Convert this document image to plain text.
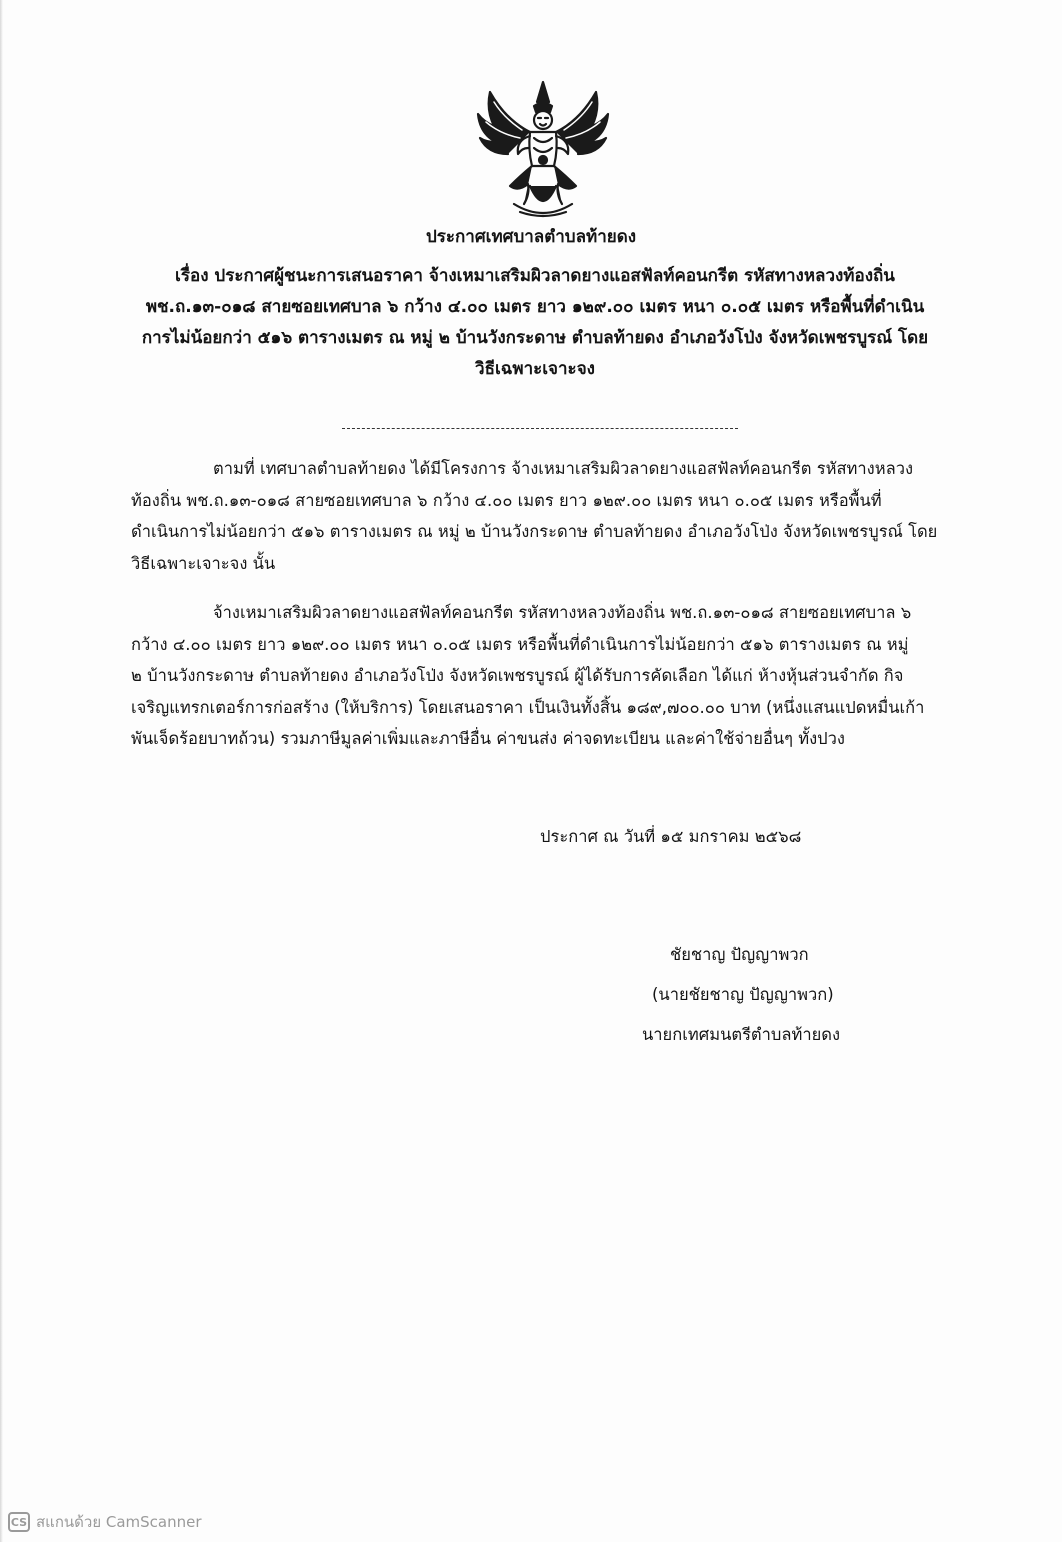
ประกาศเทศบาลตำบลท้ายดง
เรื่อง ประกาศผู้ชนะการเสนอราคา จ้างเหมาเสริมผิวลาดยางแอสฟัลท์คอนกรีต รหัสทางหลวงท้องถิ่น
พช.ถ.๑๓-๐๑๘ สายซอยเทศบาล ๖ กว้าง ๔.๐๐ เมตร ยาว ๑๒๙.๐๐ เมตร หนา ๐.๐๕ เมตร หรือพื้นที่ดำเนิน
การไม่น้อยกว่า ๕๑๖ ตารางเมตร ณ หมู่ ๒ บ้านวังกระดาษ ตำบลท้ายดง อำเภอวังโป่ง จังหวัดเพชรบูรณ์ โดย
วิธีเฉพาะเจาะจง
ตามที่ เทศบาลตำบลท้ายดง ได้มีโครงการ จ้างเหมาเสริมผิวลาดยางแอสฟัลท์คอนกรีต รหัสทางหลวง
ท้องถิ่น พช.ถ.๑๓-๐๑๘ สายซอยเทศบาล ๖ กว้าง ๔.๐๐ เมตร ยาว ๑๒๙.๐๐ เมตร หนา ๐.๐๕ เมตร หรือพื้นที่
ดำเนินการไม่น้อยกว่า ๕๑๖ ตารางเมตร ณ หมู่ ๒ บ้านวังกระดาษ ตำบลท้ายดง อำเภอวังโป่ง จังหวัดเพชรบูรณ์ โดย
วิธีเฉพาะเจาะจง นั้น
จ้างเหมาเสริมผิวลาดยางแอสฟัลท์คอนกรีต รหัสทางหลวงท้องถิ่น พช.ถ.๑๓-๐๑๘ สายซอยเทศบาล ๖
กว้าง ๔.๐๐ เมตร ยาว ๑๒๙.๐๐ เมตร หนา ๐.๐๕ เมตร หรือพื้นที่ดำเนินการไม่น้อยกว่า ๕๑๖ ตารางเมตร ณ หมู่
๒ บ้านวังกระดาษ ตำบลท้ายดง อำเภอวังโป่ง จังหวัดเพชรบูรณ์ ผู้ได้รับการคัดเลือก ได้แก่ ห้างหุ้นส่วนจำกัด กิจ
เจริญแทรกเตอร์การก่อสร้าง (ให้บริการ) โดยเสนอราคา เป็นเงินทั้งสิ้น ๑๘๙,๗๐๐.๐๐ บาท (หนึ่งแสนแปดหมื่นเก้า
พันเจ็ดร้อยบาทถ้วน) รวมภาษีมูลค่าเพิ่มและภาษีอื่น ค่าขนส่ง ค่าจดทะเบียน และค่าใช้จ่ายอื่นๆ ทั้งปวง
ประกาศ ณ วันที่ ๑๕ มกราคม ๒๕๖๘
ชัยชาญ ปัญญาพวก
(นายชัยชาญ ปัญญาพวก)
นายกเทศมนตรีตำบลท้ายดง
CS สแกนด้วย CamScanner
